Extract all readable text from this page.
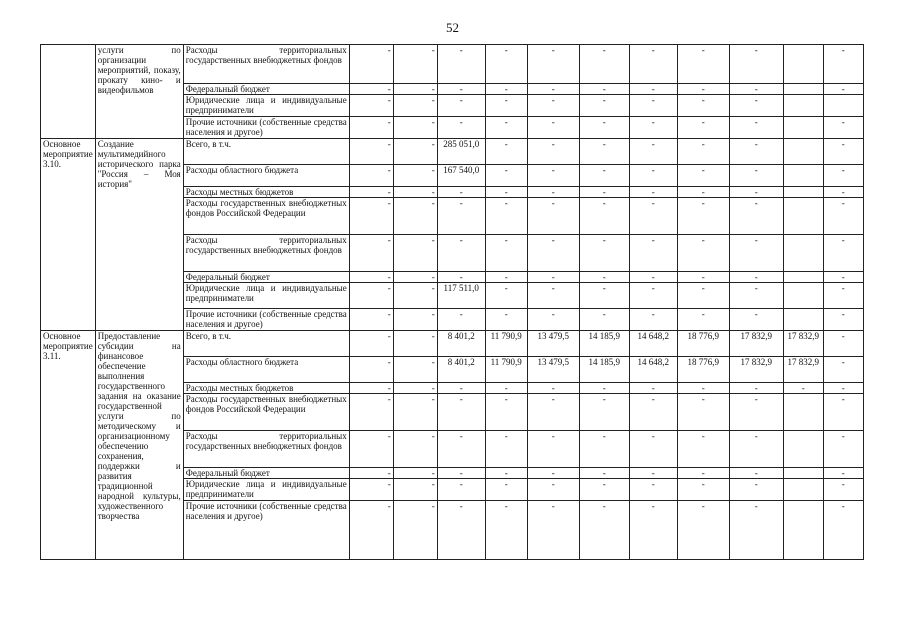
52
	услуги по организации мероприятий, показу, прокату кино- и видеофильмов	Расходы территориальных государственных внебюджетных фондов	-	-	-	-	-	-	-	-	-		-
		Федеральный бюджет	-	-	-	-	-	-	-	-	-		-
		Юридические лица и индивидуальные предприниматели	-	-	-	-	-	-	-	-	-		
		Прочие источники (собственные средства населения и другое)	-	-	-	-	-	-	-	-	-		-
Основное мероприятие 3.10.	Создание мультимедийного исторического парка "Россия – Моя история"	Всего, в т.ч.	-	-	285 051,0	-	-	-	-	-	-		-
		Расходы областного бюджета	-	-	167 540,0	-	-	-	-	-	-		-
		Расходы местных бюджетов	-	-	-	-	-	-	-	-	-		-
		Расходы государственных внебюджетных фондов Российской Федерации	-	-	-	-	-	-	-	-	-		-
		Расходы территориальных государственных внебюджетных фондов	-	-	-	-	-	-	-	-	-		-
		Федеральный бюджет	-	-	-	-	-	-	-	-	-		-
		Юридические лица и индивидуальные предприниматели	-	-	117 511,0	-	-	-	-	-	-		-
		Прочие источники (собственные средства населения и другое)	-	-	-	-	-	-	-	-	-		-
Основное мероприятие 3.11.	Предоставление субсидии на финансовое обеспечение выполнения государственного задания на оказание государственной услуги по методическому и организационному обеспечению сохранения, поддержки и развития традиционной народной культуры, художественного творчества	Всего, в т.ч.	-	-	8 401,2	11 790,9	13 479,5	14 185,9	14 648,2	18 776,9	17 832,9	17 832,9	-
		Расходы областного бюджета	-	-	8 401,2	11 790,9	13 479,5	14 185,9	14 648,2	18 776,9	17 832,9	17 832,9	-
		Расходы местных бюджетов	-	-	-	-	-	-	-	-	-	-	-
		Расходы государственных внебюджетных фондов Российской Федерации	-	-	-	-	-	-	-	-	-		-
		Расходы территориальных государственных внебюджетных фондов	-	-	-	-	-	-	-	-	-		-
		Федеральный бюджет	-	-	-	-	-	-	-	-	-		-
		Юридические лица и индивидуальные предприниматели	-	-	-	-	-	-	-	-	-		-
		Прочие источники (собственные средства населения и другое)	-	-	-	-	-	-	-	-	-		-
